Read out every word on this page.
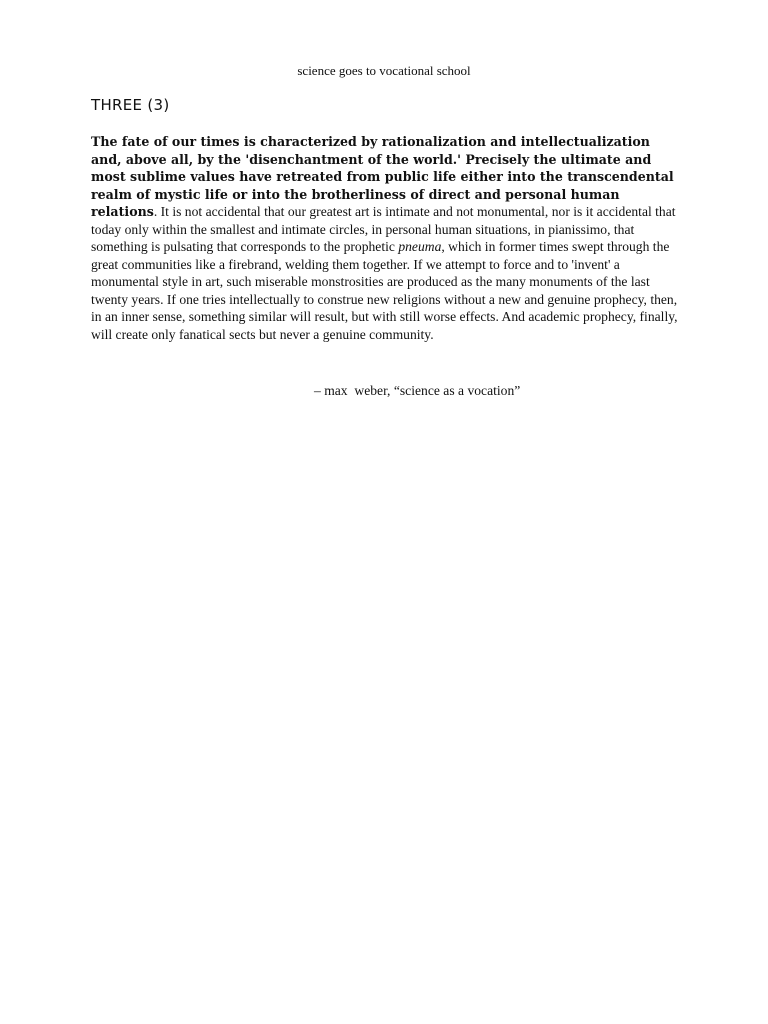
science goes to vocational school
THREE (3)

The fate of our times is characterized by rationalization and intellectualization and, above all, by the 'disenchantment of the world.' Precisely the ultimate and most sublime values have retreated from public life either into the transcendental realm of mystic life or into the brotherliness of direct and personal human relations. It is not accidental that our greatest art is intimate and not monumental, nor is it accidental that today only within the smallest and intimate circles, in personal human situations, in pianissimo, that something is pulsating that corresponds to the prophetic pneuma, which in former times swept through the great communities like a firebrand, welding them together. If we attempt to force and to 'invent' a monumental style in art, such miserable monstrosities are produced as the many monuments of the last twenty years. If one tries intellectually to construe new religions without a new and genuine prophecy, then, in an inner sense, something similar will result, but with still worse effects. And academic prophecy, finally, will create only fanatical sects but never a genuine community.

– max  weber, “science as a vocation”
